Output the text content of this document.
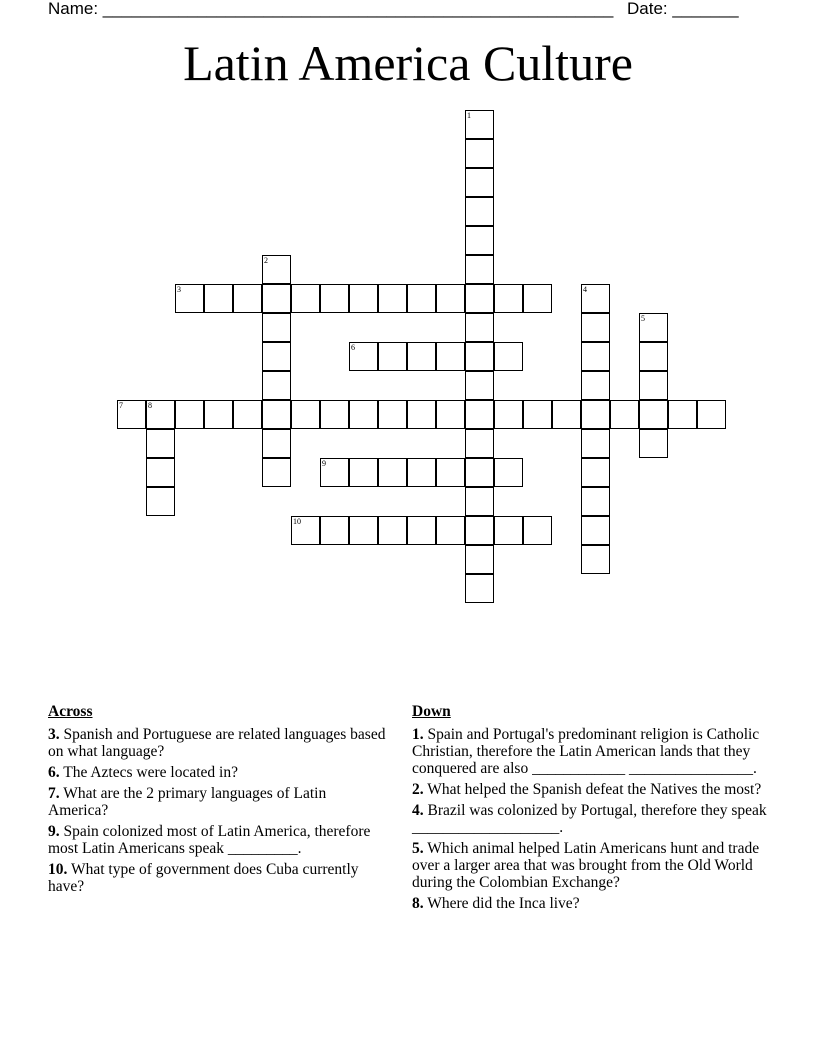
Name: ______________________________________________________ Date: _______
Latin America Culture
1
2
3	4
5
6
7	8
9
10
Across
3. Spanish and Portuguese are related languages based on what language?
6. The Aztecs were located in?
7. What are the 2 primary languages of Latin America?
9. Spain colonized most of Latin America, therefore most Latin Americans speak _________.
10. What type of government does Cuba currently have?
Down
1. Spain and Portugal's predominant religion is Catholic Christian, therefore the Latin American lands that they conquered are also ____________ ________________.
2. What helped the Spanish defeat the Natives the most?
4. Brazil was colonized by Portugal, therefore they speak ___________________.
5. Which animal helped Latin Americans hunt and trade over a larger area that was brought from the Old World during the Colombian Exchange?
8. Where did the Inca live?
